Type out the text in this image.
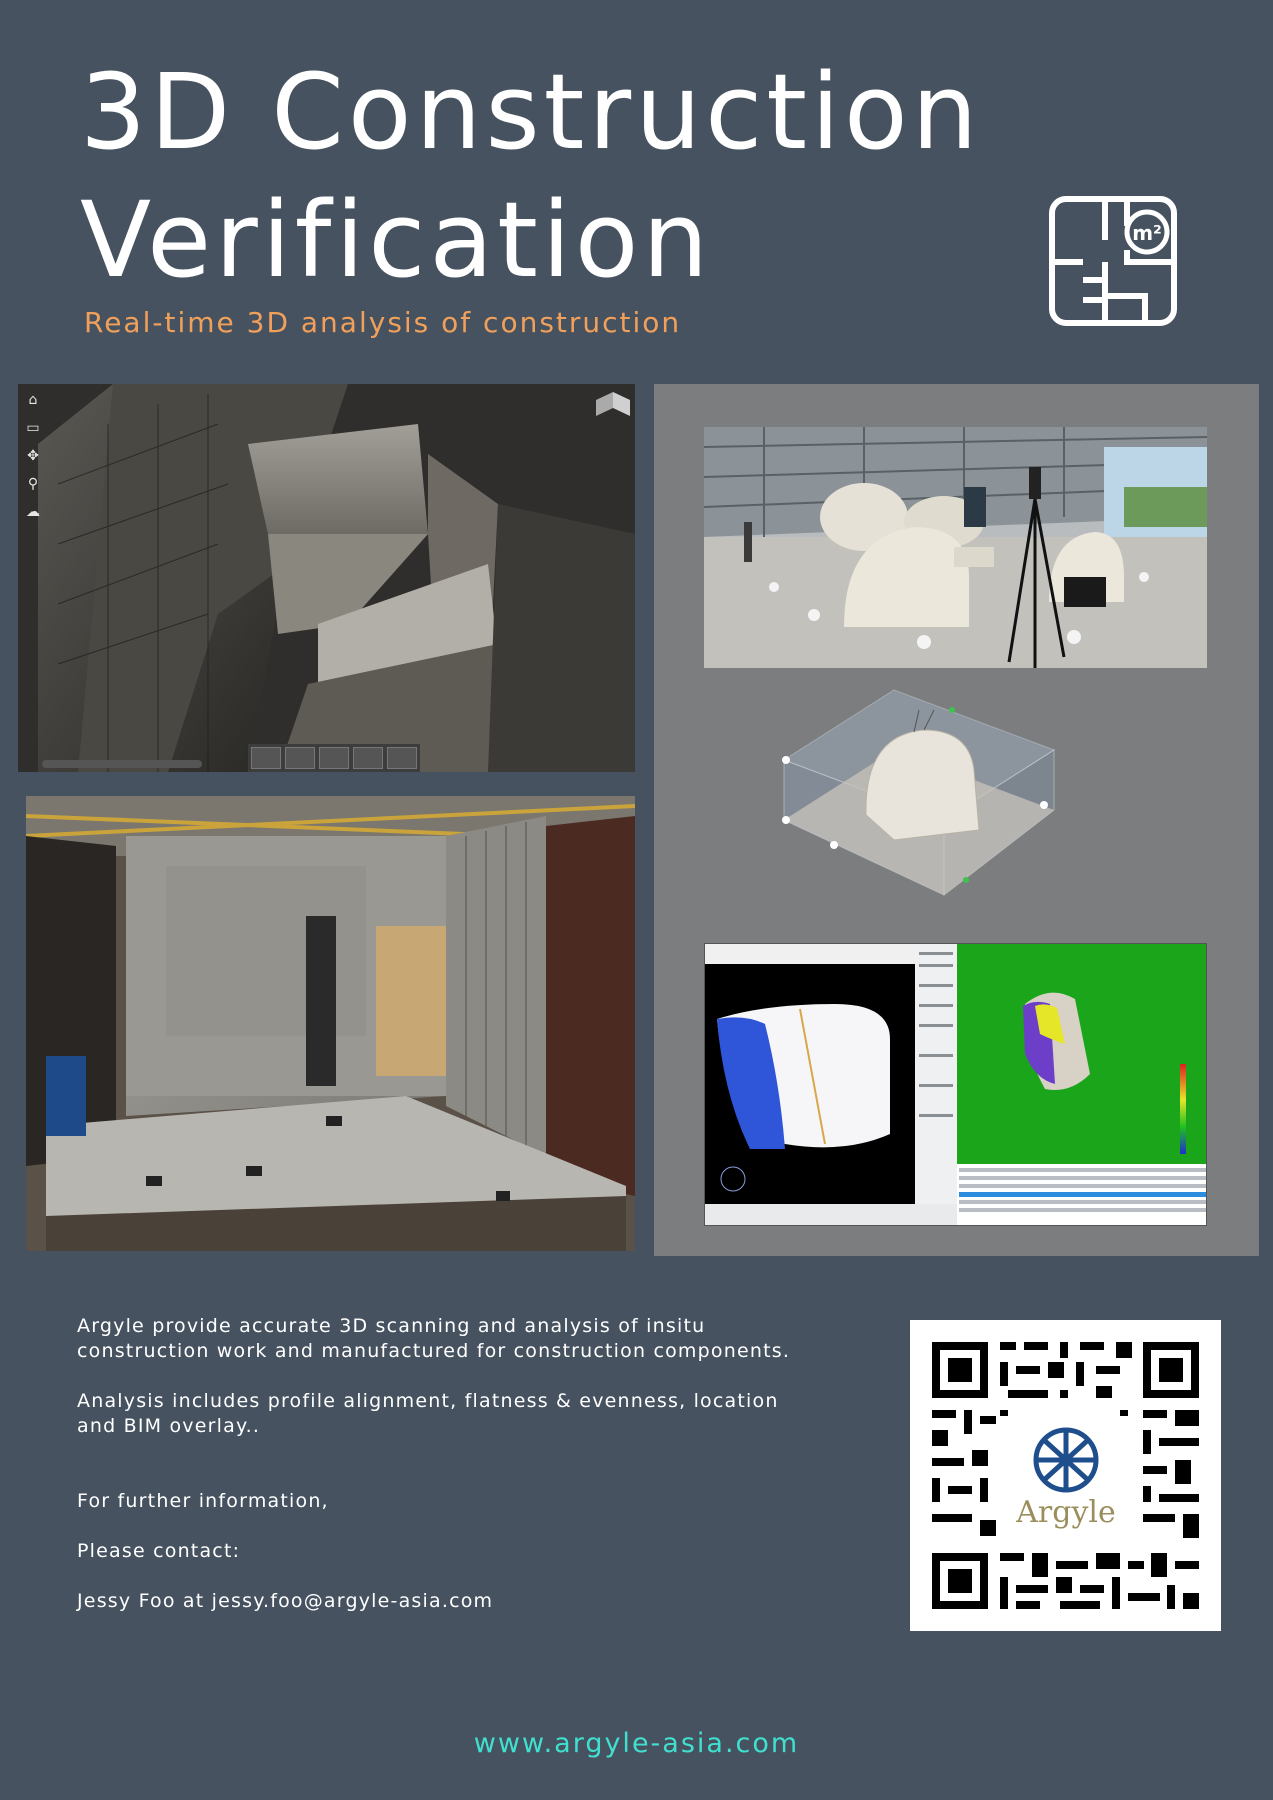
3D Construction
Verification
Real-time 3D analysis of construction
m²
⌂
▭
✥
⚲
☁

Argyle provide accurate 3D scanning and analysis of insitu construction work and manufactured for construction components.

Analysis includes profile alignment, flatness & evenness, location and BIM overlay..

For further information,

Please contact:

Jessy Foo at jessy.foo@argyle-asia.com

Argyle
www.argyle-asia.com
